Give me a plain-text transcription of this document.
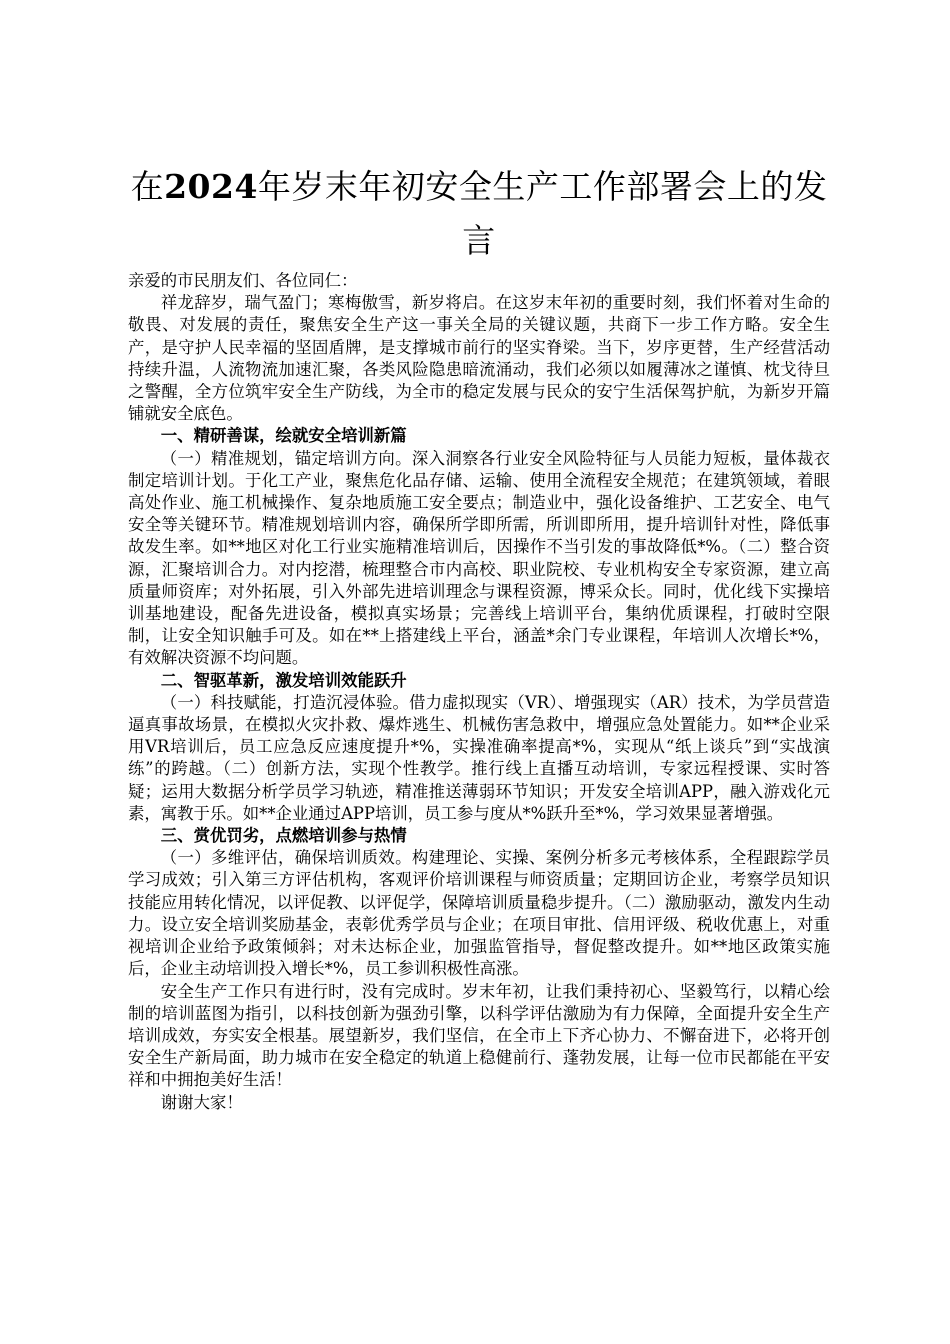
在2024年岁末年初安全生产工作部署会上的发言

亲爱的市民朋友们、各位同仁：

祥龙辞岁，瑞气盈门；寒梅傲雪，新岁将启。在这岁末年初的重要时刻，我们怀着对生命的敬畏、对发展的责任，聚焦安全生产这一事关全局的关键议题，共商下一步工作方略。安全生产，是守护人民幸福的坚固盾牌，是支撑城市前行的坚实脊梁。当下，岁序更替，生产经营活动持续升温，人流物流加速汇聚，各类风险隐患暗流涌动，我们必须以如履薄冰之谨慎、枕戈待旦之警醒，全方位筑牢安全生产防线，为全市的稳定发展与民众的安宁生活保驾护航，为新岁开篇铺就安全底色。

一、精研善谋，绘就安全培训新篇

（一）精准规划，锚定培训方向。深入洞察各行业安全风险特征与人员能力短板，量体裁衣制定培训计划。于化工产业，聚焦危化品存储、运输、使用全流程安全规范；在建筑领域，着眼高处作业、施工机械操作、复杂地质施工安全要点；制造业中，强化设备维护、工艺安全、电气安全等关键环节。精准规划培训内容，确保所学即所需，所训即所用，提升培训针对性，降低事故发生率。如**地区对化工行业实施精准培训后，因操作不当引发的事故降低*%。（二）整合资源，汇聚培训合力。对内挖潜，梳理整合市内高校、职业院校、专业机构安全专家资源，建立高质量师资库；对外拓展，引入外部先进培训理念与课程资源，博采众长。同时，优化线下实操培训基地建设，配备先进设备，模拟真实场景；完善线上培训平台，集纳优质课程，打破时空限制，让安全知识触手可及。如在**上搭建线上平台，涵盖*余门专业课程，年培训人次增长*%，有效解决资源不均问题。

二、智驱革新，激发培训效能跃升

（一）科技赋能，打造沉浸体验。借力虚拟现实（VR）、增强现实（AR）技术，为学员营造逼真事故场景，在模拟火灾扑救、爆炸逃生、机械伤害急救中，增强应急处置能力。如**企业采用VR培训后，员工应急反应速度提升*%，实操准确率提高*%，实现从“纸上谈兵”到“实战演练”的跨越。（二）创新方法，实现个性教学。推行线上直播互动培训，专家远程授课、实时答疑；运用大数据分析学员学习轨迹，精准推送薄弱环节知识；开发安全培训APP，融入游戏化元素，寓教于乐。如**企业通过APP培训，员工参与度从*%跃升至*%，学习效果显著增强。

三、赏优罚劣，点燃培训参与热情

（一）多维评估，确保培训质效。构建理论、实操、案例分析多元考核体系，全程跟踪学员学习成效；引入第三方评估机构，客观评价培训课程与师资质量；定期回访企业，考察学员知识技能应用转化情况，以评促教、以评促学，保障培训质量稳步提升。（二）激励驱动，激发内生动力。设立安全培训奖励基金，表彰优秀学员与企业；在项目审批、信用评级、税收优惠上，对重视培训企业给予政策倾斜；对未达标企业，加强监管指导，督促整改提升。如**地区政策实施后，企业主动培训投入增长*%，员工参训积极性高涨。

安全生产工作只有进行时，没有完成时。岁末年初，让我们秉持初心、坚毅笃行，以精心绘制的培训蓝图为指引，以科技创新为强劲引擎，以科学评估激励为有力保障，全面提升安全生产培训成效，夯实安全根基。展望新岁，我们坚信，在全市上下齐心协力、不懈奋进下，必将开创安全生产新局面，助力城市在安全稳定的轨道上稳健前行、蓬勃发展，让每一位市民都能在平安祥和中拥抱美好生活！

谢谢大家！
